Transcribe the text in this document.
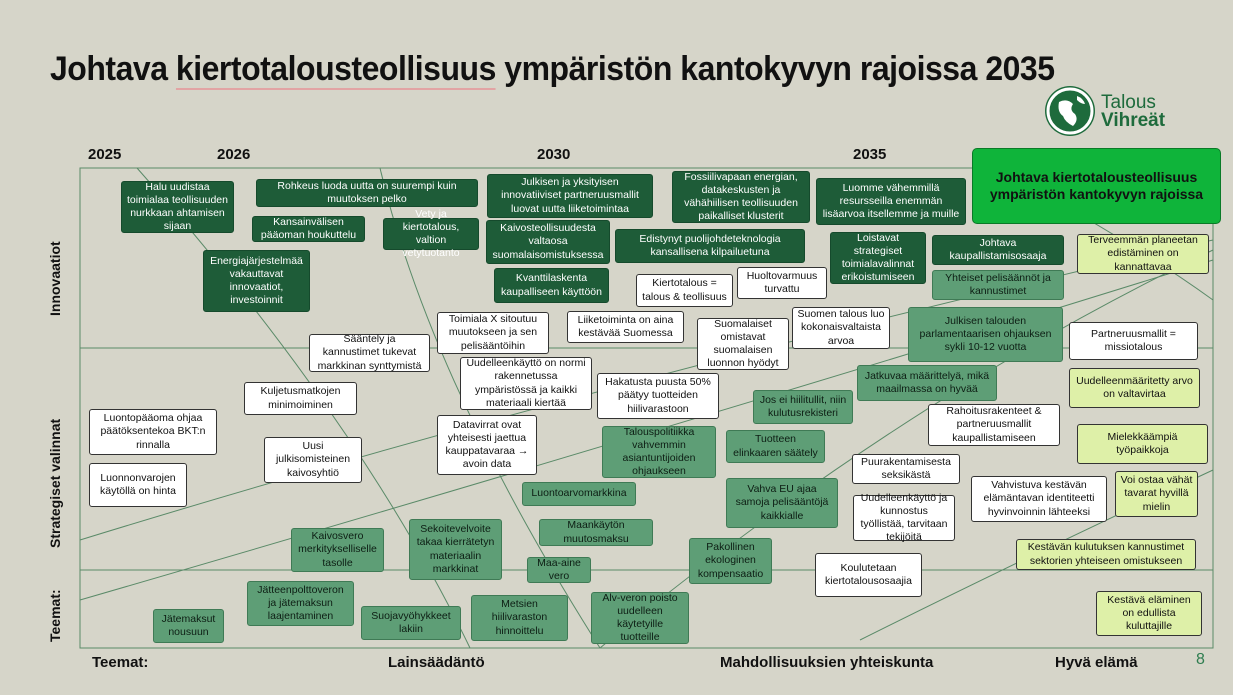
Johtava kiertotalousteollisuus ympäristön kantokyvyn rajoissa 2035
Talous
Vihreät
2025	2026	2030	2035
Innovaatiot
Strategiset valinnat
Teemat:
Teemat:	Lainsäädäntö	Mahdollisuuksien yhteiskunta	Hyvä elämä	8
Johtava kiertotalousteollisuus ympäristön kantokyvyn rajoissa
Halu uudistaa toimialaa teollisuuden nurkkaan ahtamisen sijaan
Rohkeus luoda uutta on suurempi kuin muutoksen pelko
Kansainvälisen pääoman houkuttelu
Vety ja kiertotalous, valtion vetytuotanto
Energiajärjestelmää vakauttavat innovaatiot, investoinnit
Julkisen ja yksityisen innovatiiviset partneruusmallit luovat uutta liiketoimintaa
Kaivosteollisuudesta valtaosa suomalaisomistuksessa
Fossiilivapaan energian, datakeskusten ja vähähiilisen teollisuuden paikalliset klusterit
Edistynyt puolijohdeteknologia kansallisena kilpailuetuna
Luomme vähemmillä resursseilla enemmän lisäarvoa itsellemme ja muille
Loistavat strategiset toimialavalinnat erikoistumiseen
Johtava kaupallistamisosaaja
Kvanttilaskenta kaupalliseen käyttöön
Kiertotalous = talous & teollisuus
Huoltovarmuus turvattu
Yhteiset pelisäännöt ja kannustimet
Terveemmän planeetan edistäminen on kannattavaa
Toimiala X sitoutuu muutokseen ja sen pelisääntöihin
Liiketoiminta on aina kestävää Suomessa
Suomalaiset omistavat suomalaisen luonnon hyödyt
Suomen talous luo kokonaisvaltaista arvoa
Julkisen talouden parlamentaarisen ohjauksen sykli 10-12 vuotta
Partneruusmallit = missiotalous
Sääntely ja kannustimet tukevat markkinan synttymistä	Uudelleenkäyttö on normi rakennetussa ympäristössä ja kaikki materiaali kiertää
Hakatusta puusta 50% päätyy tuotteiden hiilivarastoon
Jatkuvaa määrittelyä, mikä maailmassa on hyvää
Uudelleenmääritetty arvo on valtavirtaa
Kuljetusmatkojen minimoiminen	Jos ei hiilitullit, niin kulutusrekisteri	Rahoitusrakenteet & partneruusmallit kaupallistamiseen
Luontopääoma ohjaa päätöksentekoa BKT:n rinnalla
Datavirrat ovat yhteisesti jaettua kauppatavaraa → avoin data
Talouspolitiikka vahvemmin asiantuntijoiden ohjaukseen
Tuotteen elinkaaren säätely
Mielekkäämpiä työpaikkoja
Uusi julkisomisteinen kaivosyhtiö
Puurakentamisesta seksikästä
Luonnonvarojen käytöllä on hinta	Luontoarvomarkkina	Vahva EU ajaa samoja pelisääntöjä kaikkialle
Vahvistuva kestävän elämäntavan identiteetti hyvinvoinnin lähteeksi
Voi ostaa vähät tavarat hyvillä mielin
Kaivosvero merkitykselliselle tasolle
Sekoitevelvoite takaa kierrätetyn materiaalin markkinat
Maankäytön muutosmaksu
Uudelleenkäyttö ja kunnostus työllistää, tarvitaan tekijöitä
Pakollinen ekologinen kompensaatio
Maa-aine vero
Kestävän kulutuksen kannustimet sektorien yhteiseen omistukseen
Koulutetaan kiertotalousosaajia
Jätteenpolttoveron ja jätemaksun laajentaminen
Kestävä eläminen on edullista kuluttajille
Jätemaksut nousuun
Suojavyöhykkeet lakiin
Metsien hiilivaraston hinnoittelu
Alv-veron poisto uudelleen käytetyille tuotteille
